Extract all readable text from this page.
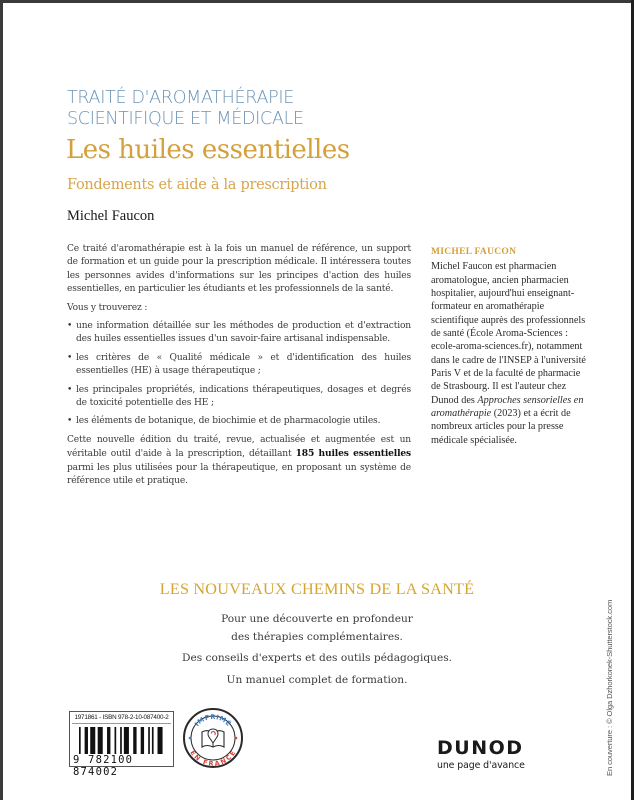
TRAITÉ D'AROMATHÉRAPIE
SCIENTIFIQUE ET MÉDICALE
Les huiles essentielles
Fondements et aide à la prescription
Michel Faucon

Ce traité d'aromathérapie est à la fois un manuel de référence, un support de formation et un guide pour la prescription médicale. Il intéressera toutes les personnes avides d'informations sur les principes d'action des huiles essentielles, en particulier les étudiants et les professionnels de la santé.

Vous y trouverez :

• une information détaillée sur les méthodes de production et d'extraction des huiles essentielles issues d'un savoir-faire artisanal indispensable.
• les critères de « Qualité médicale » et d'identification des huiles essentielles (HE) à usage thérapeutique ;
• les principales propriétés, indications thérapeutiques, dosages et degrés de toxicité potentielle des HE ;
• les éléments de botanique, de biochimie et de pharmacologie utiles.

Cette nouvelle édition du traité, revue, actualisée et augmentée est un véritable outil d'aide à la prescription, détaillant 185 huiles essentielles parmi les plus utilisées pour la thérapeutique, en proposant un système de référence utile et pratique.

MICHEL FAUCON
Michel Faucon est pharmacien aromatologue, ancien pharmacien hospitalier, aujourd'hui enseignant-formateur en aromathérapie scientifique auprès des professionnels de santé (École Aroma-Sciences : ecole-aroma-sciences.fr), notamment dans le cadre de l'INSEP à l'université Paris V et de la faculté de pharmacie de Strasbourg. Il est l'auteur chez Dunod des Approches sensorielles en aromathérapie (2023) et a écrit de nombreux articles pour la presse médicale spécialisée.
En couverture : © Olga Dzhorkonek-Shutterstock.com
LES NOUVEAUX CHEMINS DE LA SANTÉ
Pour une découverte en profondeur
des thérapies complémentaires.
Des conseils d'experts et des outils pédagogiques.
Un manuel complet de formation.
1971861 - ISBN 978-2-10-087400-2
9 782100 874002
IMPRIMÉ
EN FRANCE	DUNOD
une page d'avance
